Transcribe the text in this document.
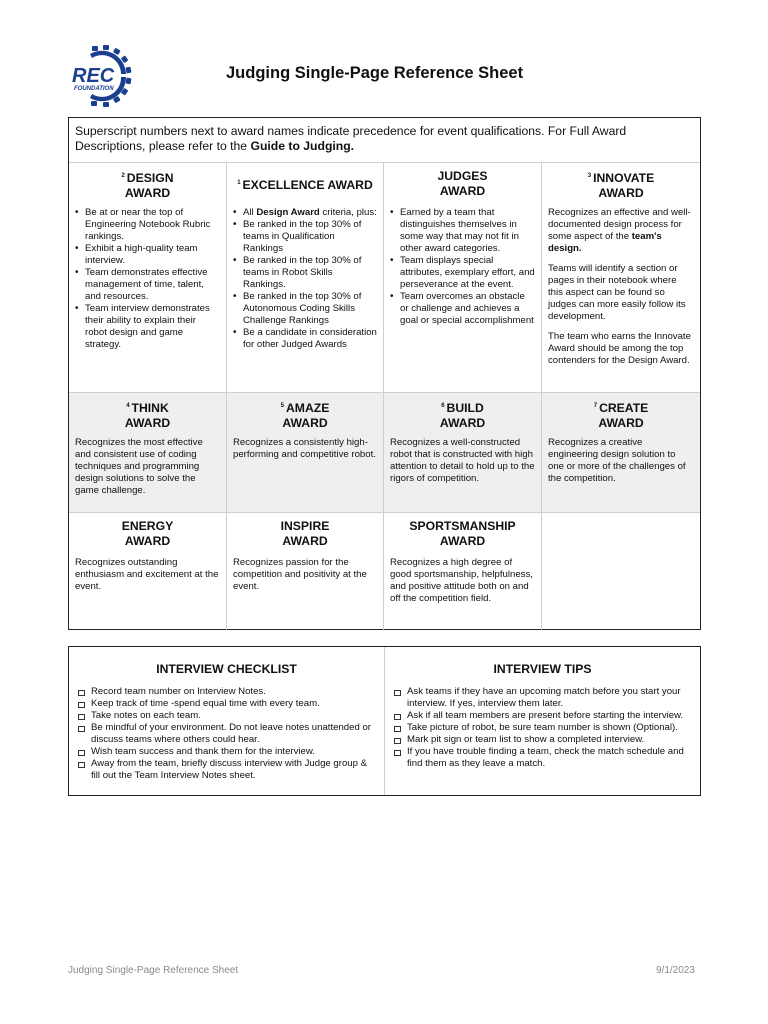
REC
FOUNDATION
Judging Single-Page Reference Sheet
Superscript numbers next to award names indicate precedence for event qualifications. For Full Award Descriptions, please refer to the Guide to Judging.
$^2$ DESIGN
AWARD
• Be at or near the top of Engineering Notebook Rubric rankings.
• Exhibit a high-quality team interview.
• Team demonstrates effective management of time, talent, and resources.
• Team interview demonstrates their ability to explain their robot design and game strategy.
$^1$ EXCELLENCE AWARD
• All Design Award criteria, plus:
• Be ranked in the top 30% of teams in Qualification Rankings
• Be ranked in the top 30% of teams in Robot Skills Rankings.
• Be ranked in the top 30% of Autonomous Coding Skills Challenge Rankings
• Be a candidate in consideration for other Judged Awards
JUDGES
AWARD
• Earned by a team that distinguishes themselves in some way that may not fit in other award categories.
• Team displays special attributes, exemplary effort, and perseverance at the event.
• Team overcomes an obstacle or challenge and achieves a goal or special accomplishment
$^3$ INNOVATE
AWARD

Recognizes an effective and well-documented design process for some aspect of the team's design.

Teams will identify a section or pages in their notebook where this aspect can be found so judges can more easily follow its development.

The team who earns the Innovate Award should be among the top contenders for the Design Award.

$^4$ THINK
AWARD

Recognizes the most effective and consistent use of coding techniques and programming design solutions to solve the game challenge.

$^5$ AMAZE
AWARD

Recognizes a consistently high-performing and competitive robot.

$^6$ BUILD
AWARD

Recognizes a well-constructed robot that is constructed with high attention to detail to hold up to the rigors of competition.

$^7$ CREATE
AWARD

Recognizes a creative engineering design solution to one or more of the challenges of the competition.

ENERGY
AWARD

Recognizes outstanding enthusiasm and excitement at the event.

INSPIRE
AWARD

Recognizes passion for the competition and positivity at the event.

SPORTSMANSHIP
AWARD

Recognizes a high degree of good sportsmanship, helpfulness, and positive attitude both on and off the competition field.

INTERVIEW CHECKLIST
Record team number on Interview Notes.
Keep track of time -spend equal time with every team.
Take notes on each team.
Be mindful of your environment. Do not leave notes unattended or discuss teams where others could hear.
Wish team success and thank them for the interview.
Away from the team, briefly discuss interview with Judge group & fill out the Team Interview Notes sheet.
INTERVIEW TIPS
Ask teams if they have an upcoming match before you start your interview. If yes, interview them later.
Ask if all team members are present before starting the interview.
Take picture of robot, be sure team number is shown (Optional).
Mark pit sign or team list to show a completed interview.
If you have trouble finding a team, check the match schedule and find them as they leave a match.
Judging Single-Page Reference Sheet	9/1/2023
